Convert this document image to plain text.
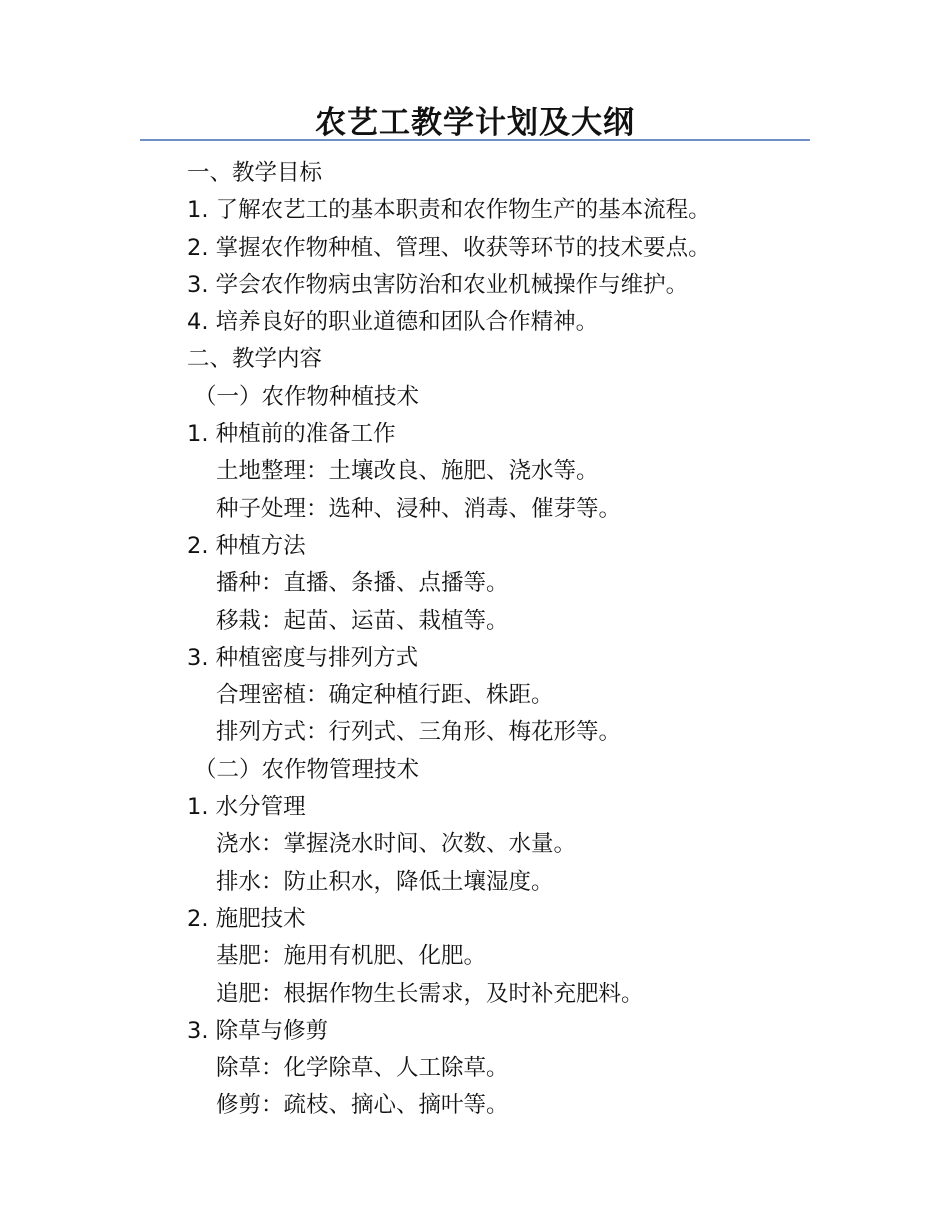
农艺工教学计划及大纲
一、教学目标
1. 了解农艺工的基本职责和农作物生产的基本流程。
2. 掌握农作物种植、管理、收获等环节的技术要点。
3. 学会农作物病虫害防治和农业机械操作与维护。
4. 培养良好的职业道德和团队合作精神。
二、教学内容
（一）农作物种植技术
1. 种植前的准备工作
土地整理：土壤改良、施肥、浇水等。
种子处理：选种、浸种、消毒、催芽等。
2. 种植方法
播种：直播、条播、点播等。
移栽：起苗、运苗、栽植等。
3. 种植密度与排列方式
合理密植：确定种植行距、株距。
排列方式：行列式、三角形、梅花形等。
（二）农作物管理技术
1. 水分管理
浇水：掌握浇水时间、次数、水量。
排水：防止积水，降低土壤湿度。
2. 施肥技术
基肥：施用有机肥、化肥。
追肥：根据作物生长需求，及时补充肥料。
3. 除草与修剪
除草：化学除草、人工除草。
修剪：疏枝、摘心、摘叶等。
